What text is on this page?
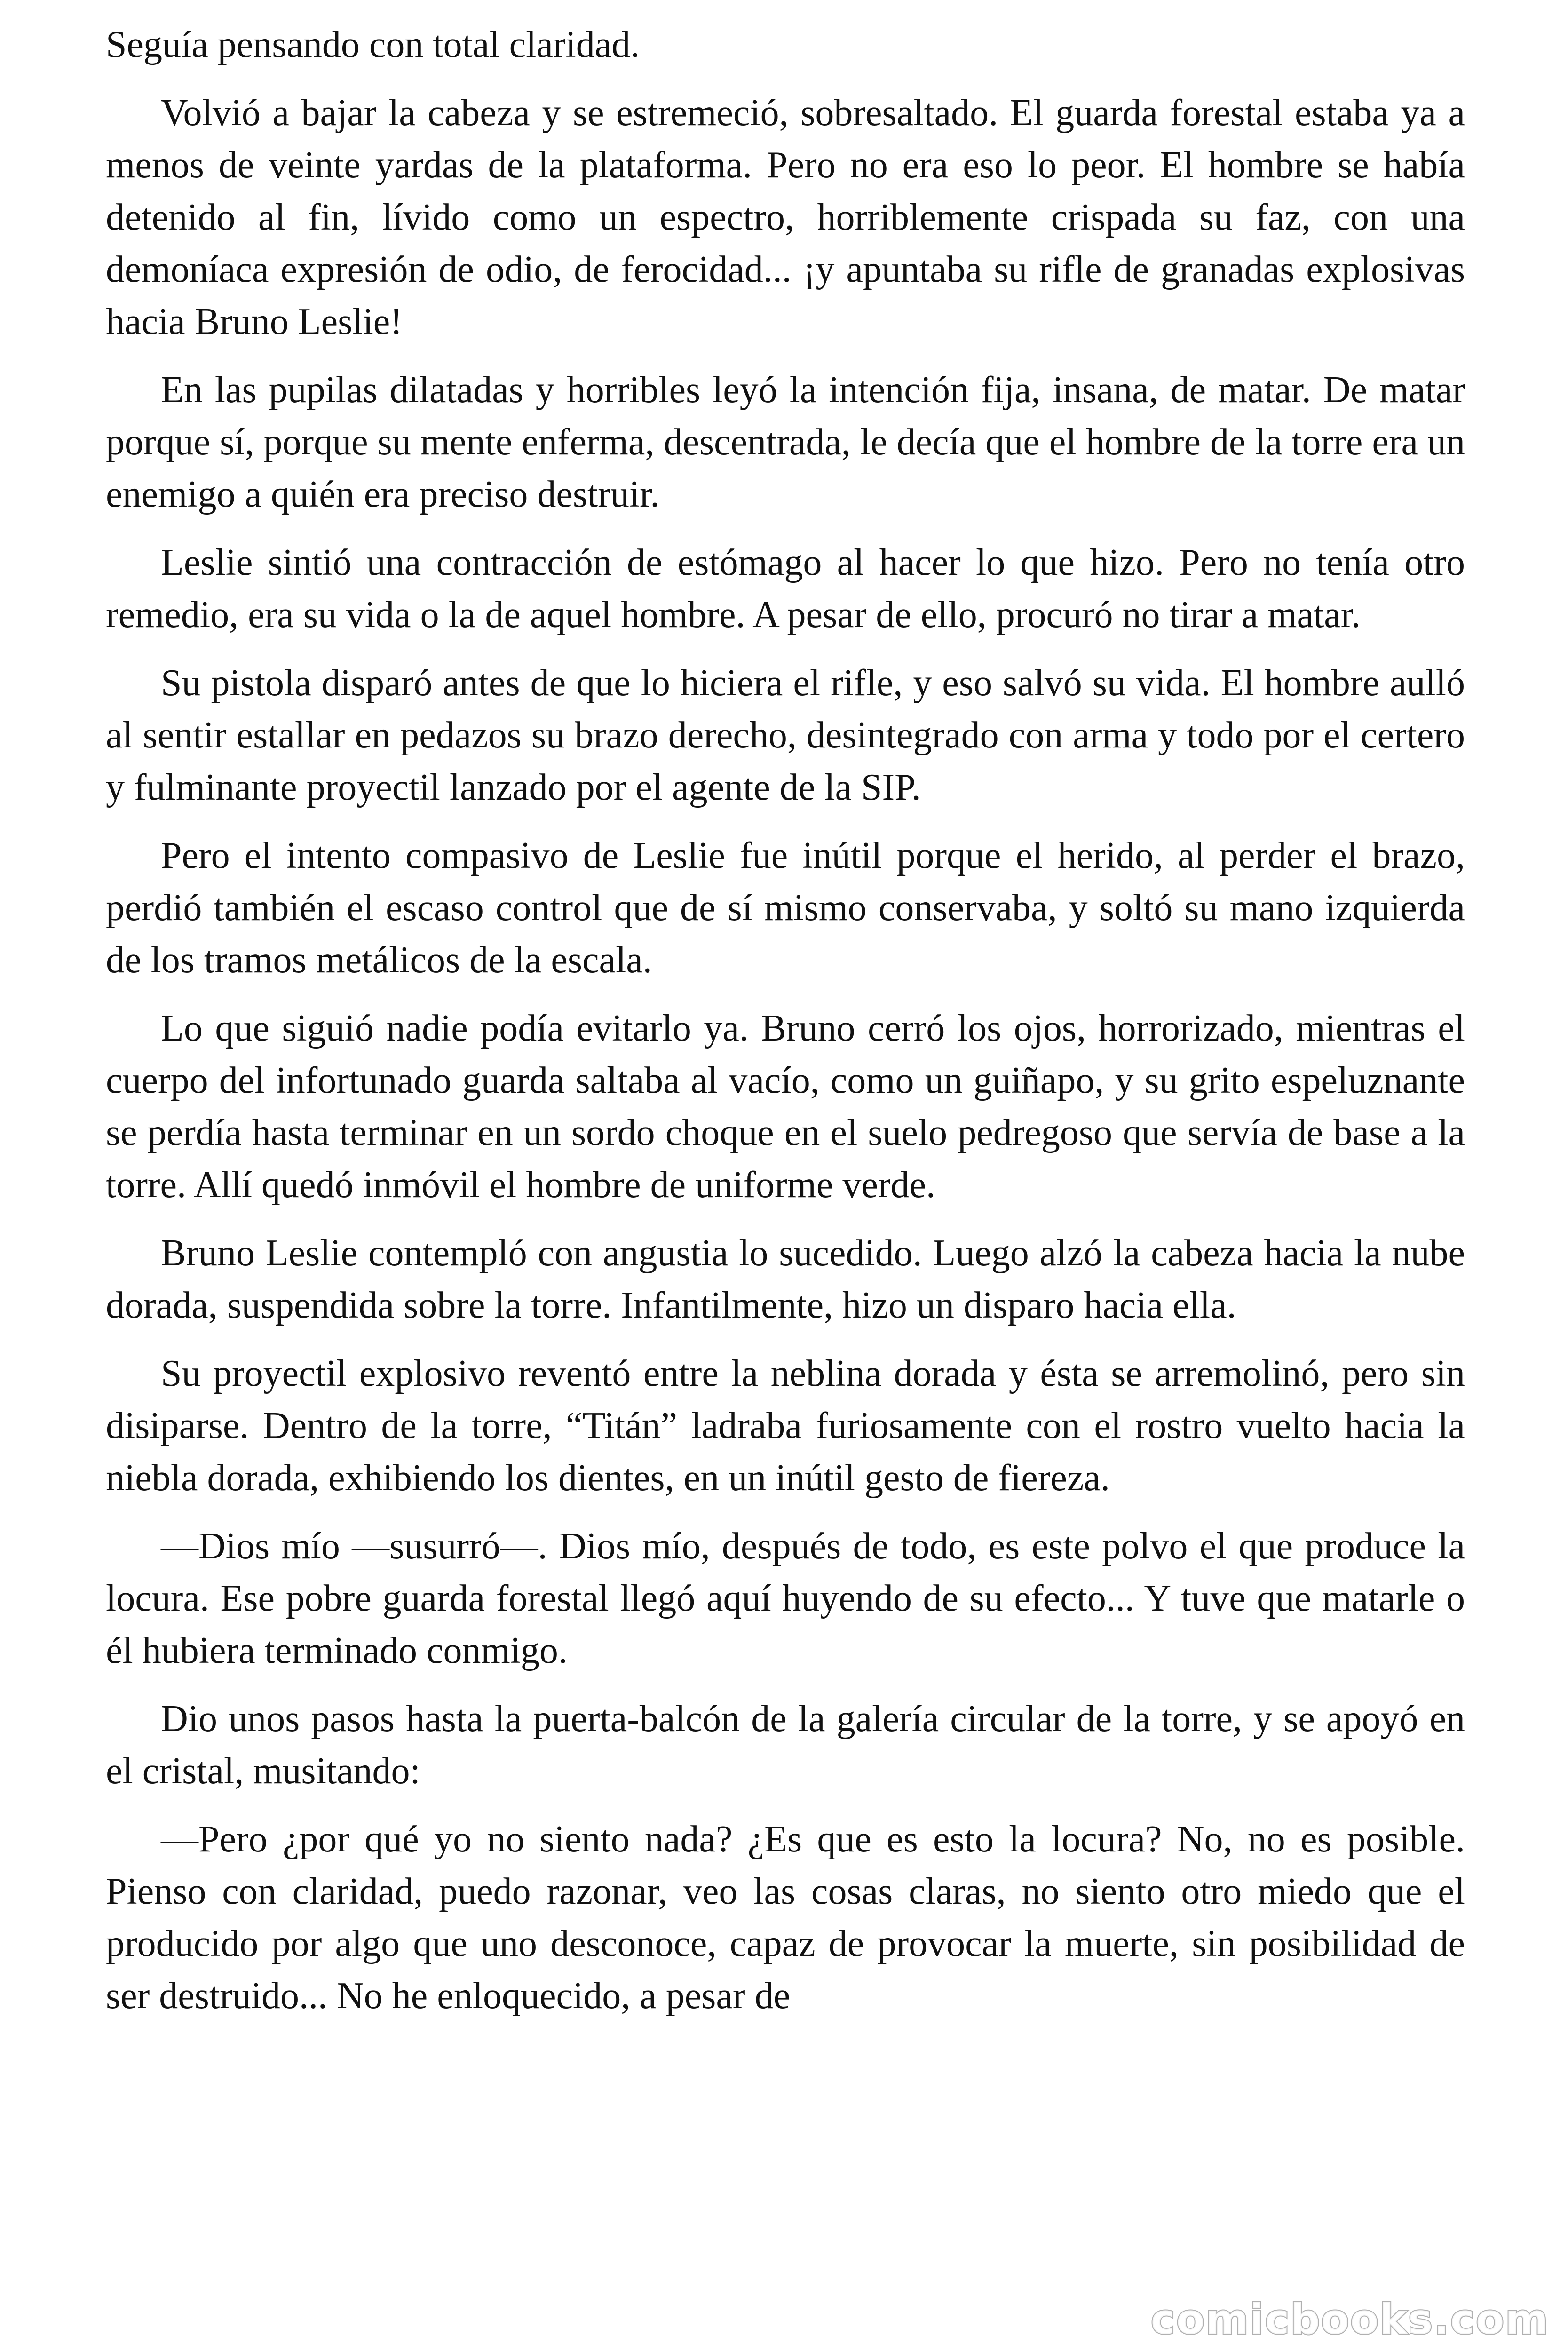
Seguía pensando con total claridad.

Volvió a bajar la cabeza y se estremeció, sobresaltado. El guarda forestal estaba ya a menos de veinte yardas de la plataforma. Pero no era eso lo peor. El hombre se había detenido al fin, lívido como un espectro, horriblemente crispada su faz, con una demoníaca expresión de odio, de ferocidad... ¡y apuntaba su rifle de granadas explosivas hacia Bruno Leslie!

En las pupilas dilatadas y horribles leyó la intención fija, insana, de matar. De matar porque sí, porque su mente enferma, descentrada, le decía que el hombre de la torre era un enemigo a quién era preciso destruir.

Leslie sintió una contracción de estómago al hacer lo que hizo. Pero no tenía otro remedio, era su vida o la de aquel hombre. A pesar de ello, procuró no tirar a matar.

Su pistola disparó antes de que lo hiciera el rifle, y eso salvó su vida. El hombre aulló al sentir estallar en pedazos su brazo derecho, desintegrado con arma y todo por el certero y fulminante proyectil lanzado por el agente de la SIP.

Pero el intento compasivo de Leslie fue inútil porque el herido, al perder el brazo, perdió también el escaso control que de sí mismo conservaba, y soltó su mano izquierda de los tramos metálicos de la escala.

Lo que siguió nadie podía evitarlo ya. Bruno cerró los ojos, horrorizado, mientras el cuerpo del infortunado guarda saltaba al vacío, como un guiñapo, y su grito espeluznante se perdía hasta terminar en un sordo choque en el suelo pedregoso que servía de base a la torre. Allí quedó inmóvil el hombre de uniforme verde.

Bruno Leslie contempló con angustia lo sucedido. Luego alzó la cabeza hacia la nube dorada, suspendida sobre la torre. Infantilmente, hizo un disparo hacia ella.

Su proyectil explosivo reventó entre la neblina dorada y ésta se arremolinó, pero sin disiparse. Dentro de la torre, “Titán” ladraba furiosamente con el rostro vuelto hacia la niebla dorada, exhibiendo los dientes, en un inútil gesto de fiereza.

—Dios mío —susurró—. Dios mío, después de todo, es este polvo el que produce la locura. Ese pobre guarda forestal llegó aquí huyendo de su efecto... Y tuve que matarle o él hubiera terminado conmigo.

Dio unos pasos hasta la puerta-balcón de la galería circular de la torre, y se apoyó en el cristal, musitando:

—Pero ¿por qué yo no siento nada? ¿Es que es esto la locura? No, no es posible. Pienso con claridad, puedo razonar, veo las cosas claras, no siento otro miedo que el producido por algo que uno desconoce, capaz de provocar la muerte, sin posibilidad de ser destruido... No he enloquecido, a pesar de

comicbooks.com
